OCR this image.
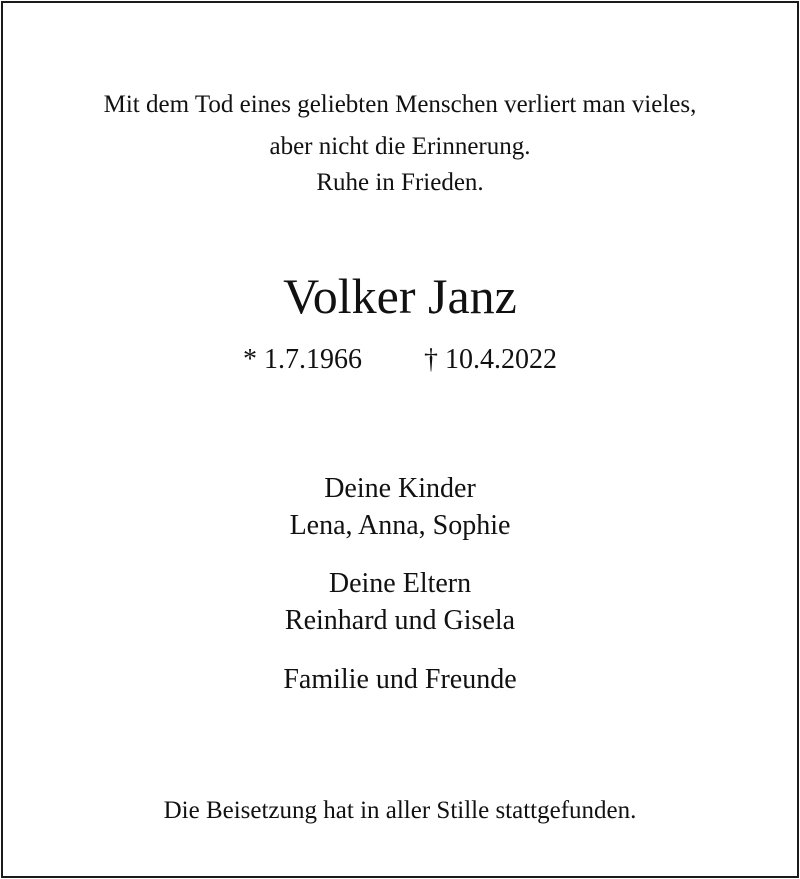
Mit dem Tod eines geliebten Menschen verliert man vieles,
aber nicht die Erinnerung.
Ruhe in Frieden.
Volker Janz
* 1.7.1966 † 10.4.2022
Deine Kinder
Lena, Anna, Sophie
Deine Eltern
Reinhard und Gisela
Familie und Freunde
Die Beisetzung hat in aller Stille stattgefunden.
